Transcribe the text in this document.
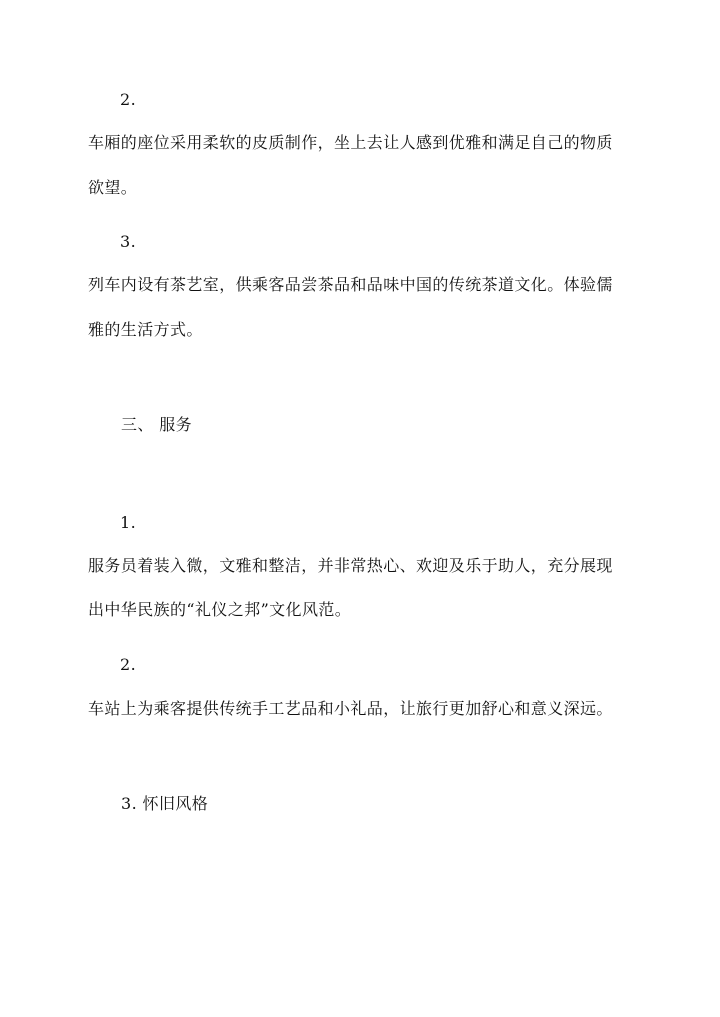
2.
车厢的座位采用柔软的皮质制作，坐上去让人感到优雅和满足自己的物质
欲望。
3.
列车内设有茶艺室，供乘客品尝茶品和品味中国的传统茶道文化。体验儒
雅的生活方式。
三、 服务
1.
服务员着装入微，文雅和整洁，并非常热心、欢迎及乐于助人，充分展现
出中华民族的“礼仪之邦”文化风范。
2.
车站上为乘客提供传统手工艺品和小礼品，让旅行更加舒心和意义深远。
3. 怀旧风格
